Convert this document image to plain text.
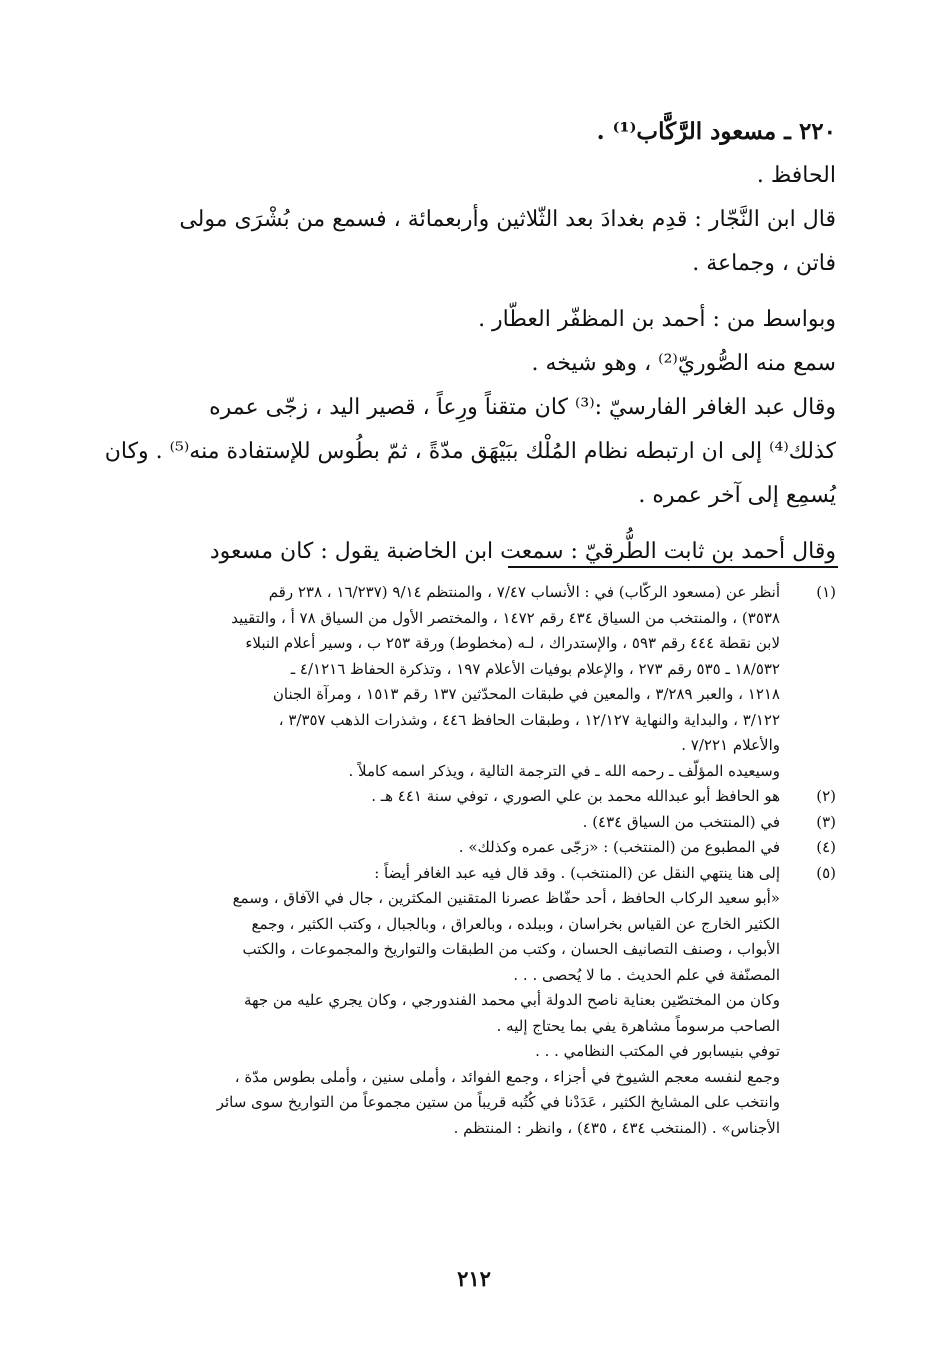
٢٢٠ ـ مسعود الرَّكَّاب⁽¹⁾ .

الحافظ .

قال ابن النَّجّار : قدِم بغدادَ بعد الثّلاثين وأربعمائة ، فسمع من بُشْرَى مولى

فاتن ، وجماعة .

وبواسط من : أحمد بن المظفّر العطّار .

سمع منه الصُّوريّ⁽²⁾ ، وهو شيخه .

وقال عبد الغافر الفارسيّ :⁽³⁾ كان متقناً ورِعاً ، قصير اليد ، زجّى عمره

كذلك⁽⁴⁾ إلى ان ارتبطه نظام المُلْك ببَيْهَق مدّةً ، ثمّ بطُوس للإستفادة منه⁽⁵⁾ . وكان

يُسمِع إلى آخر عمره .

وقال أحمد بن ثابت الطُّرقيّ : سمعت ابن الخاضبة يقول : كان مسعود

(١)
أنظر عن (مسعود الركّاب) في : الأنساب ٧/٤٧ ، والمنتظم ٩/١٤ (١٦/٢٣٧ ، ٢٣٨ رقم
٣٥٣٨) ، والمنتخب من السياق ٤٣٤ رقم ١٤٧٢ ، والمختصر الأول من السياق ٧٨ أ ، والتقييد
لابن نقطة ٤٤٤ رقم ٥٩٣ ، والإستدراك ، لـه (مخطوط) ورقة ٢٥٣ ب ، وسير أعلام النبلاء
١٨/٥٣٢ ـ ٥٣٥ رقم ٢٧٣ ، والإعلام بوفيات الأعلام ١٩٧ ، وتذكرة الحفاظ ٤/١٢١٦ ـ
١٢١٨ ، والعبر ٣/٢٨٩ ، والمعين في طبقات المحدّثين ١٣٧ رقم ١٥١٣ ، ومرآة الجنان
٣/١٢٢ ، والبداية والنهاية ١٢/١٢٧ ، وطبقات الحافظ ٤٤٦ ، وشذرات الذهب ٣/٣٥٧ ،
والأعلام ٧/٢٢١ .
وسيعيده المؤلّف ـ رحمه الله ـ في الترجمة التالية ، ويذكر اسمه كاملاً .
(٢)
هو الحافظ أبو عبدالله محمد بن علي الصوري ، توفي سنة ٤٤١ هـ .
(٣)
في (المنتخب من السياق ٤٣٤) .
(٤)
في المطبوع من (المنتخب) : «زجّى عمره وكذلك» .
(٥)
إلى هنا ينتهي النقل عن (المنتخب) . وقد قال فيه عبد الغافر أيضاً :
«أبو سعيد الركاب الحافظ ، أحد حفّاظ عصرنا المتقنين المكثرين ، جال في الآفاق ، وسمع
الكثير الخارج عن القياس بخراسان ، وببلده ، وبالعراق ، وبالجبال ، وكتب الكثير ، وجمع
الأبواب ، وصنف التصانيف الحسان ، وكتب من الطبقات والتواريخ والمجموعات ، والكتب
المصنّفة في علم الحديث . ما لا يُحصى . . .
وكان من المختصّين بعناية ناصح الدولة أبي محمد الفندورجي ، وكان يجري عليه من جهة
الصاحب مرسوماً مشاهرة يفي بما يحتاج إليه .
توفي بنيسابور في المكتب النظامي . . .
وجمع لنفسه معجم الشيوخ في أجزاء ، وجمع الفوائد ، وأملى سنين ، وأملى بطوس مدّة ،
وانتخب على المشايخ الكثير ، عَدَدْنا في كُتُبه قريباً من ستين مجموعاً من التواريخ سوى سائر
الأجناس» . (المنتخب ٤٣٤ ، ٤٣٥) ، وانظر : المنتظم .
٢١٢
